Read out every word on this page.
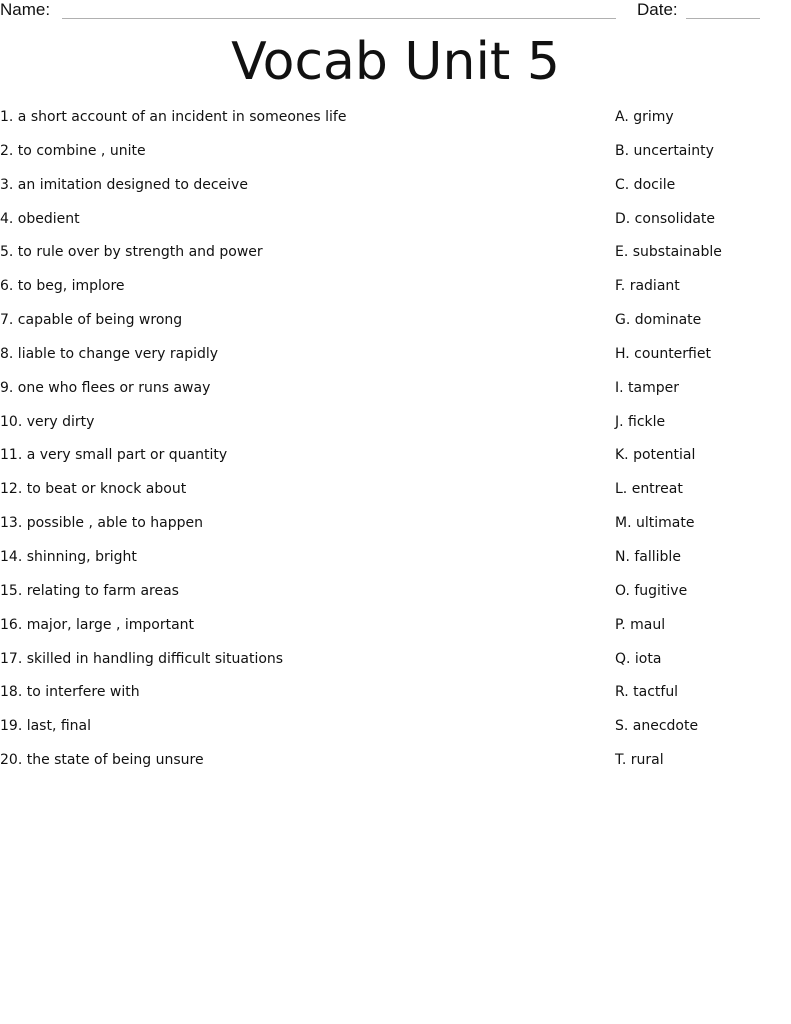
Name:	Date:
Vocab Unit 5
1. a short account of an incident in someones life	A. grimy
2. to combine , unite	B. uncertainty
3. an imitation designed to deceive	C. docile
4. obedient	D. consolidate
5. to rule over by strength and power	E. substainable
6. to beg, implore	F. radiant
7. capable of being wrong	G. dominate
8. liable to change very rapidly	H. counterfiet
9. one who flees or runs away	I. tamper
10. very dirty	J. fickle
11. a very small part or quantity	K. potential
12. to beat or knock about	L. entreat
13. possible , able to happen	M. ultimate
14. shinning, bright	N. fallible
15. relating to farm areas	O. fugitive
16. major, large , important	P. maul
17. skilled in handling difficult situations	Q. iota
18. to interfere with	R. tactful
19. last, final	S. anecdote
20. the state of being unsure	T. rural
